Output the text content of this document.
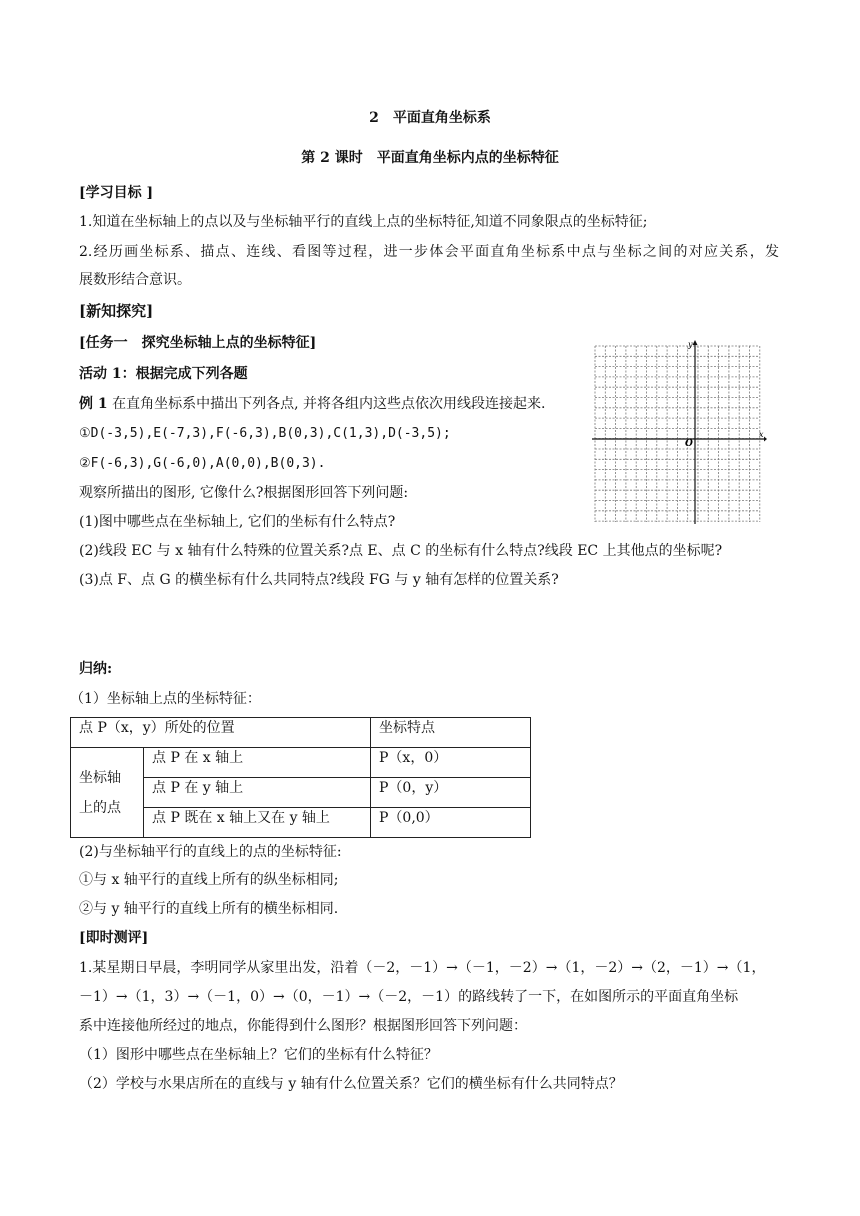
2　平面直角坐标系
第 2 课时　平面直角坐标内点的坐标特征
[学习目标 ]
1.知道在坐标轴上的点以及与坐标轴平行的直线上点的坐标特征,知道不同象限点的坐标特征;
2.经历画坐标系、描点、连线、看图等过程，进一步体会平面直角坐标系中点与坐标之间的对应关系，发
展数形结合意识。
[新知探究]
[任务一　探究坐标轴上点的坐标特征]
活动 1：根据完成下列各题
例 1 在直角坐标系中描出下列各点, 并将各组内这些点依次用线段连接起来.
①D(-3,5),E(-7,3),F(-6,3),B(0,3),C(1,3),D(-3,5);
②F(-6,3),G(-6,0),A(0,0),B(0,3).
观察所描出的图形, 它像什么?根据图形回答下列问题:
(1)图中哪些点在坐标轴上, 它们的坐标有什么特点?
(2)线段 EC 与 x 轴有什么特殊的位置关系?点 E、点 C 的坐标有什么特点?线段 EC 上其他点的坐标呢?
(3)点 F、点 G 的横坐标有什么共同特点?线段 FG 与 y 轴有怎样的位置关系?
x
y
O
归纳:
（1）坐标轴上点的坐标特征：
点 P（x，y）所处的位置		坐标特点

坐标轴
上的点	点 P 在 x 轴上	P（x，0）
	点 P 在 y 轴上	P（0，y）
	点 P 既在 x 轴上又在 y 轴上	P（0,0）
(2)与坐标轴平行的直线上的点的坐标特征:
①与 x 轴平行的直线上所有的纵坐标相同;
②与 y 轴平行的直线上所有的横坐标相同.
[即时测评]
1.某星期日早晨，李明同学从家里出发，沿着（－2，－1）→（－1，－2）→（1，－2）→（2，－1）→（1，
－1）→（1，3）→（－1，0）→（0，－1）→（－2，－1）的路线转了一下，在如图所示的平面直角坐标
系中连接他所经过的地点，你能得到什么图形？根据图形回答下列问题：
（1）图形中哪些点在坐标轴上？它们的坐标有什么特征？
（2）学校与水果店所在的直线与 y 轴有什么位置关系？它们的横坐标有什么共同特点？
